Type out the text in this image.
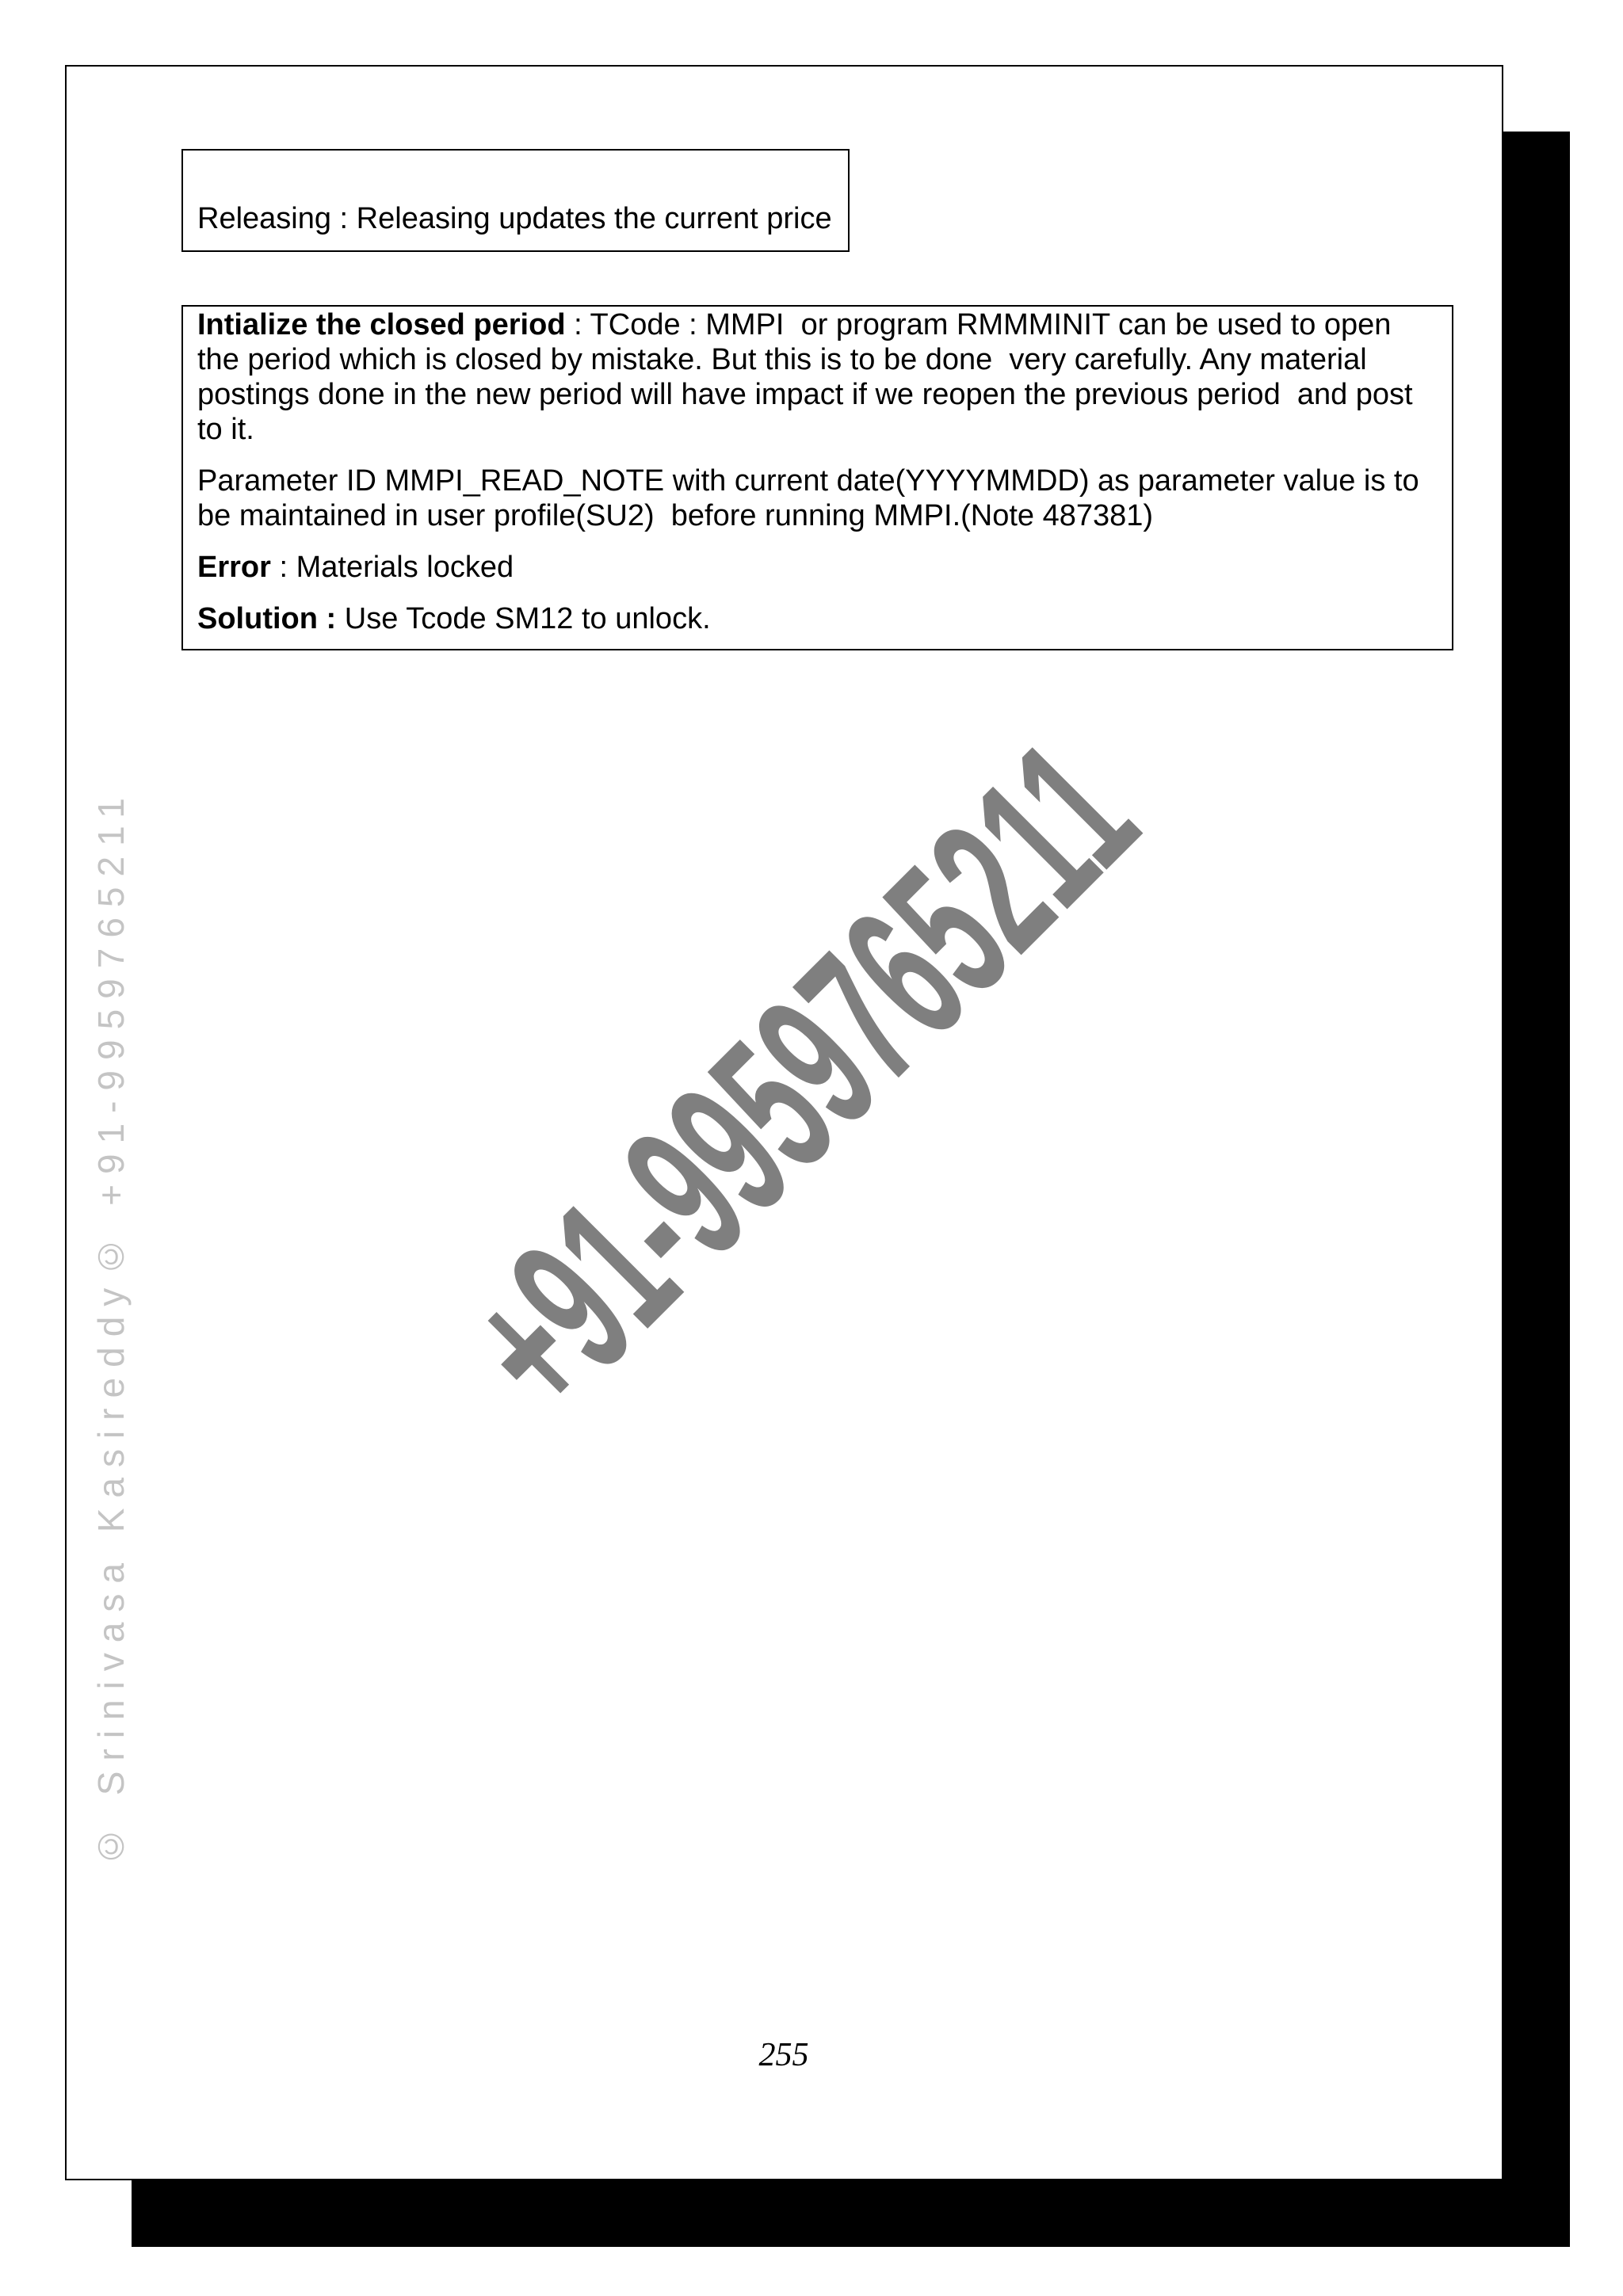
© Srinivasa Kasireddy© +91-9959765211
Releasing : Releasing updates the current price
Intialize the closed period : TCode : MMPI  or program RMMMINIT can be used to open
the period which is closed by mistake. But this is to be done  very carefully. Any material
postings done in the new period will have impact if we reopen the previous period  and post
to it.
Parameter ID MMPI_READ_NOTE with current date(YYYYMMDD) as parameter value is to
be maintained in user profile(SU2)  before running MMPI.(Note 487381)
Error : Materials locked
Solution : Use Tcode SM12 to unlock.
+91-9959765211
255
